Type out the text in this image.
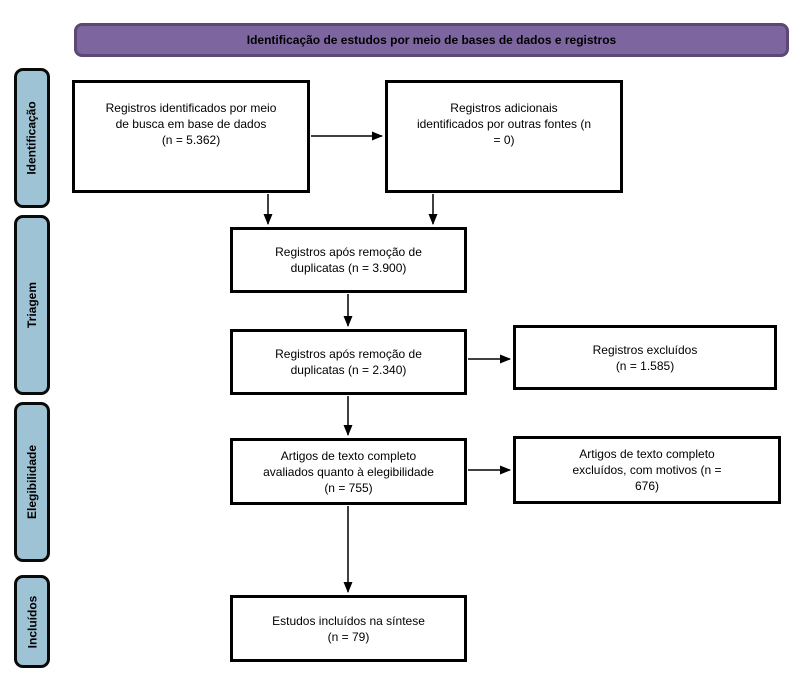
Identificação de estudos por meio de bases de dados e registros
Identificação
Triagem
Elegibilidade
Incluídos
Registros identificados por meio
de busca em base de dados
(n = 5.362)
Registros adicionais
identificados por outras fontes (n
= 0)
Registros após remoção de
duplicatas (n = 3.900)
Registros após remoção de
duplicatas (n = 2.340)
Registros excluídos
(n = 1.585)
Artigos de texto completo
avaliados quanto à elegibilidade
(n = 755)
Artigos de texto completo
excluídos, com motivos (n =
676)
Estudos incluídos na síntese
(n = 79)
